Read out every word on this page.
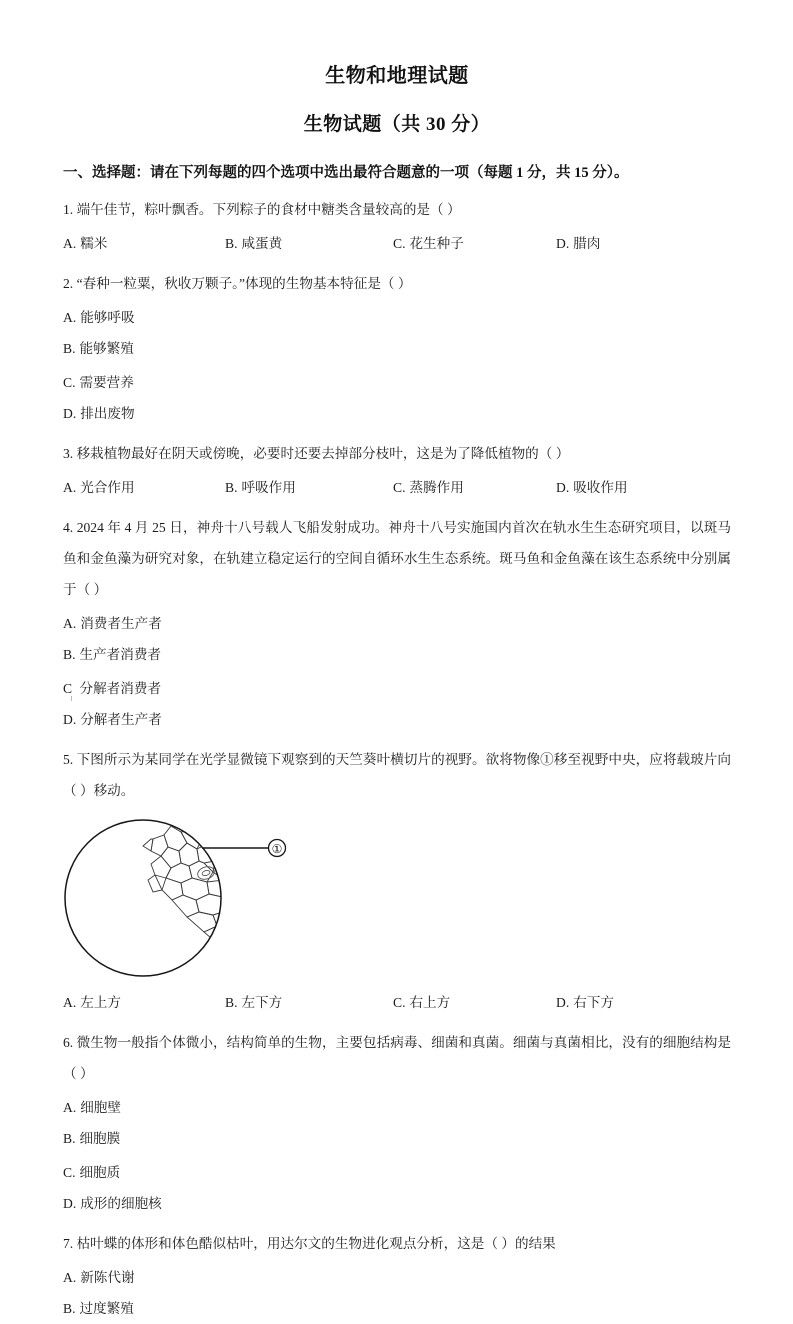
生物和地理试题
生物试题（共 30 分）

一、选择题：请在下列每题的四个选项中选出最符合题意的一项（每题 1 分，共 15 分）。

1. 端午佳节，粽叶飘香。下列粽子的食材中糖类含量较高的是（ ）

A. 糯米	B. 咸蛋黄	C. 花生种子	D. 腊肉

2. “春种一粒粟，秋收万颗子。”体现的生物基本特征是（ ）

A. 能够呼吸B. 能够繁殖
C. 需要营养D. 排出废物

3. 移栽植物最好在阴天或傍晚，必要时还要去掉部分枝叶，这是为了降低植物的（ ）

A. 光合作用	B. 呼吸作用	C. 蒸腾作用	D. 吸收作用

4. 2024 年 4 月 25 日，神舟十八号载人飞船发射成功。神舟十八号实施国内首次在轨水生生态研究项目，以斑马鱼和金鱼藻为研究对象，在轨建立稳定运行的空间自循环水生生态系统。斑马鱼和金鱼藻在该生态系统中分别属于（ ）

A. 消费者生产者B. 生产者消费者
C 分解者消费者D. 分解者生产者

5. 下图所示为某同学在光学显微镜下观察到的天竺葵叶横切片的视野。欲将物像①移至视野中央，应将载玻片向（ ）移动。

①
A. 左上方	B. 左下方	C. 右上方	D. 右下方

6. 微生物一般指个体微小，结构简单的生物，主要包括病毒、细菌和真菌。细菌与真菌相比，没有的细胞结构是（ ）

A. 细胞壁B. 细胞膜
C. 细胞质D. 成形的细胞核

7. 枯叶蝶的体形和体色酷似枯叶，用达尔文的生物进化观点分析，这是（ ）的结果

A. 新陈代谢B. 过度繁殖
